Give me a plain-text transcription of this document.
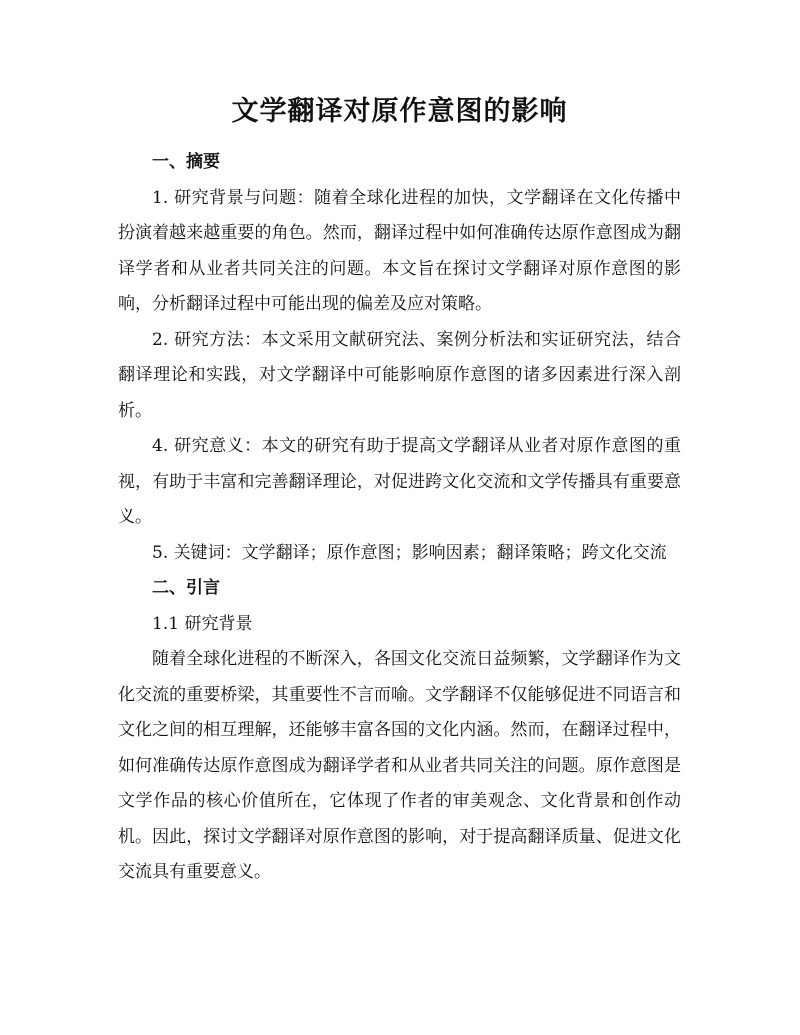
文学翻译对原作意图的影响

一、摘要

1. 研究背景与问题：随着全球化进程的加快，文学翻译在文化传播中扮演着越来越重要的角色。然而，翻译过程中如何准确传达原作意图成为翻译学者和从业者共同关注的问题。本文旨在探讨文学翻译对原作意图的影响，分析翻译过程中可能出现的偏差及应对策略。

2. 研究方法：本文采用文献研究法、案例分析法和实证研究法，结合翻译理论和实践，对文学翻译中可能影响原作意图的诸多因素进行深入剖析。

4. 研究意义：本文的研究有助于提高文学翻译从业者对原作意图的重视，有助于丰富和完善翻译理论，对促进跨文化交流和文学传播具有重要意义。

5. 关键词：文学翻译；原作意图；影响因素；翻译策略；跨文化交流

二、引言

1.1 研究背景

随着全球化进程的不断深入，各国文化交流日益频繁，文学翻译作为文化交流的重要桥梁，其重要性不言而喻。文学翻译不仅能够促进不同语言和文化之间的相互理解，还能够丰富各国的文化内涵。然而，在翻译过程中，如何准确传达原作意图成为翻译学者和从业者共同关注的问题。原作意图是文学作品的核心价值所在，它体现了作者的审美观念、文化背景和创作动机。因此，探讨文学翻译对原作意图的影响，对于提高翻译质量、促进文化交流具有重要意义。
